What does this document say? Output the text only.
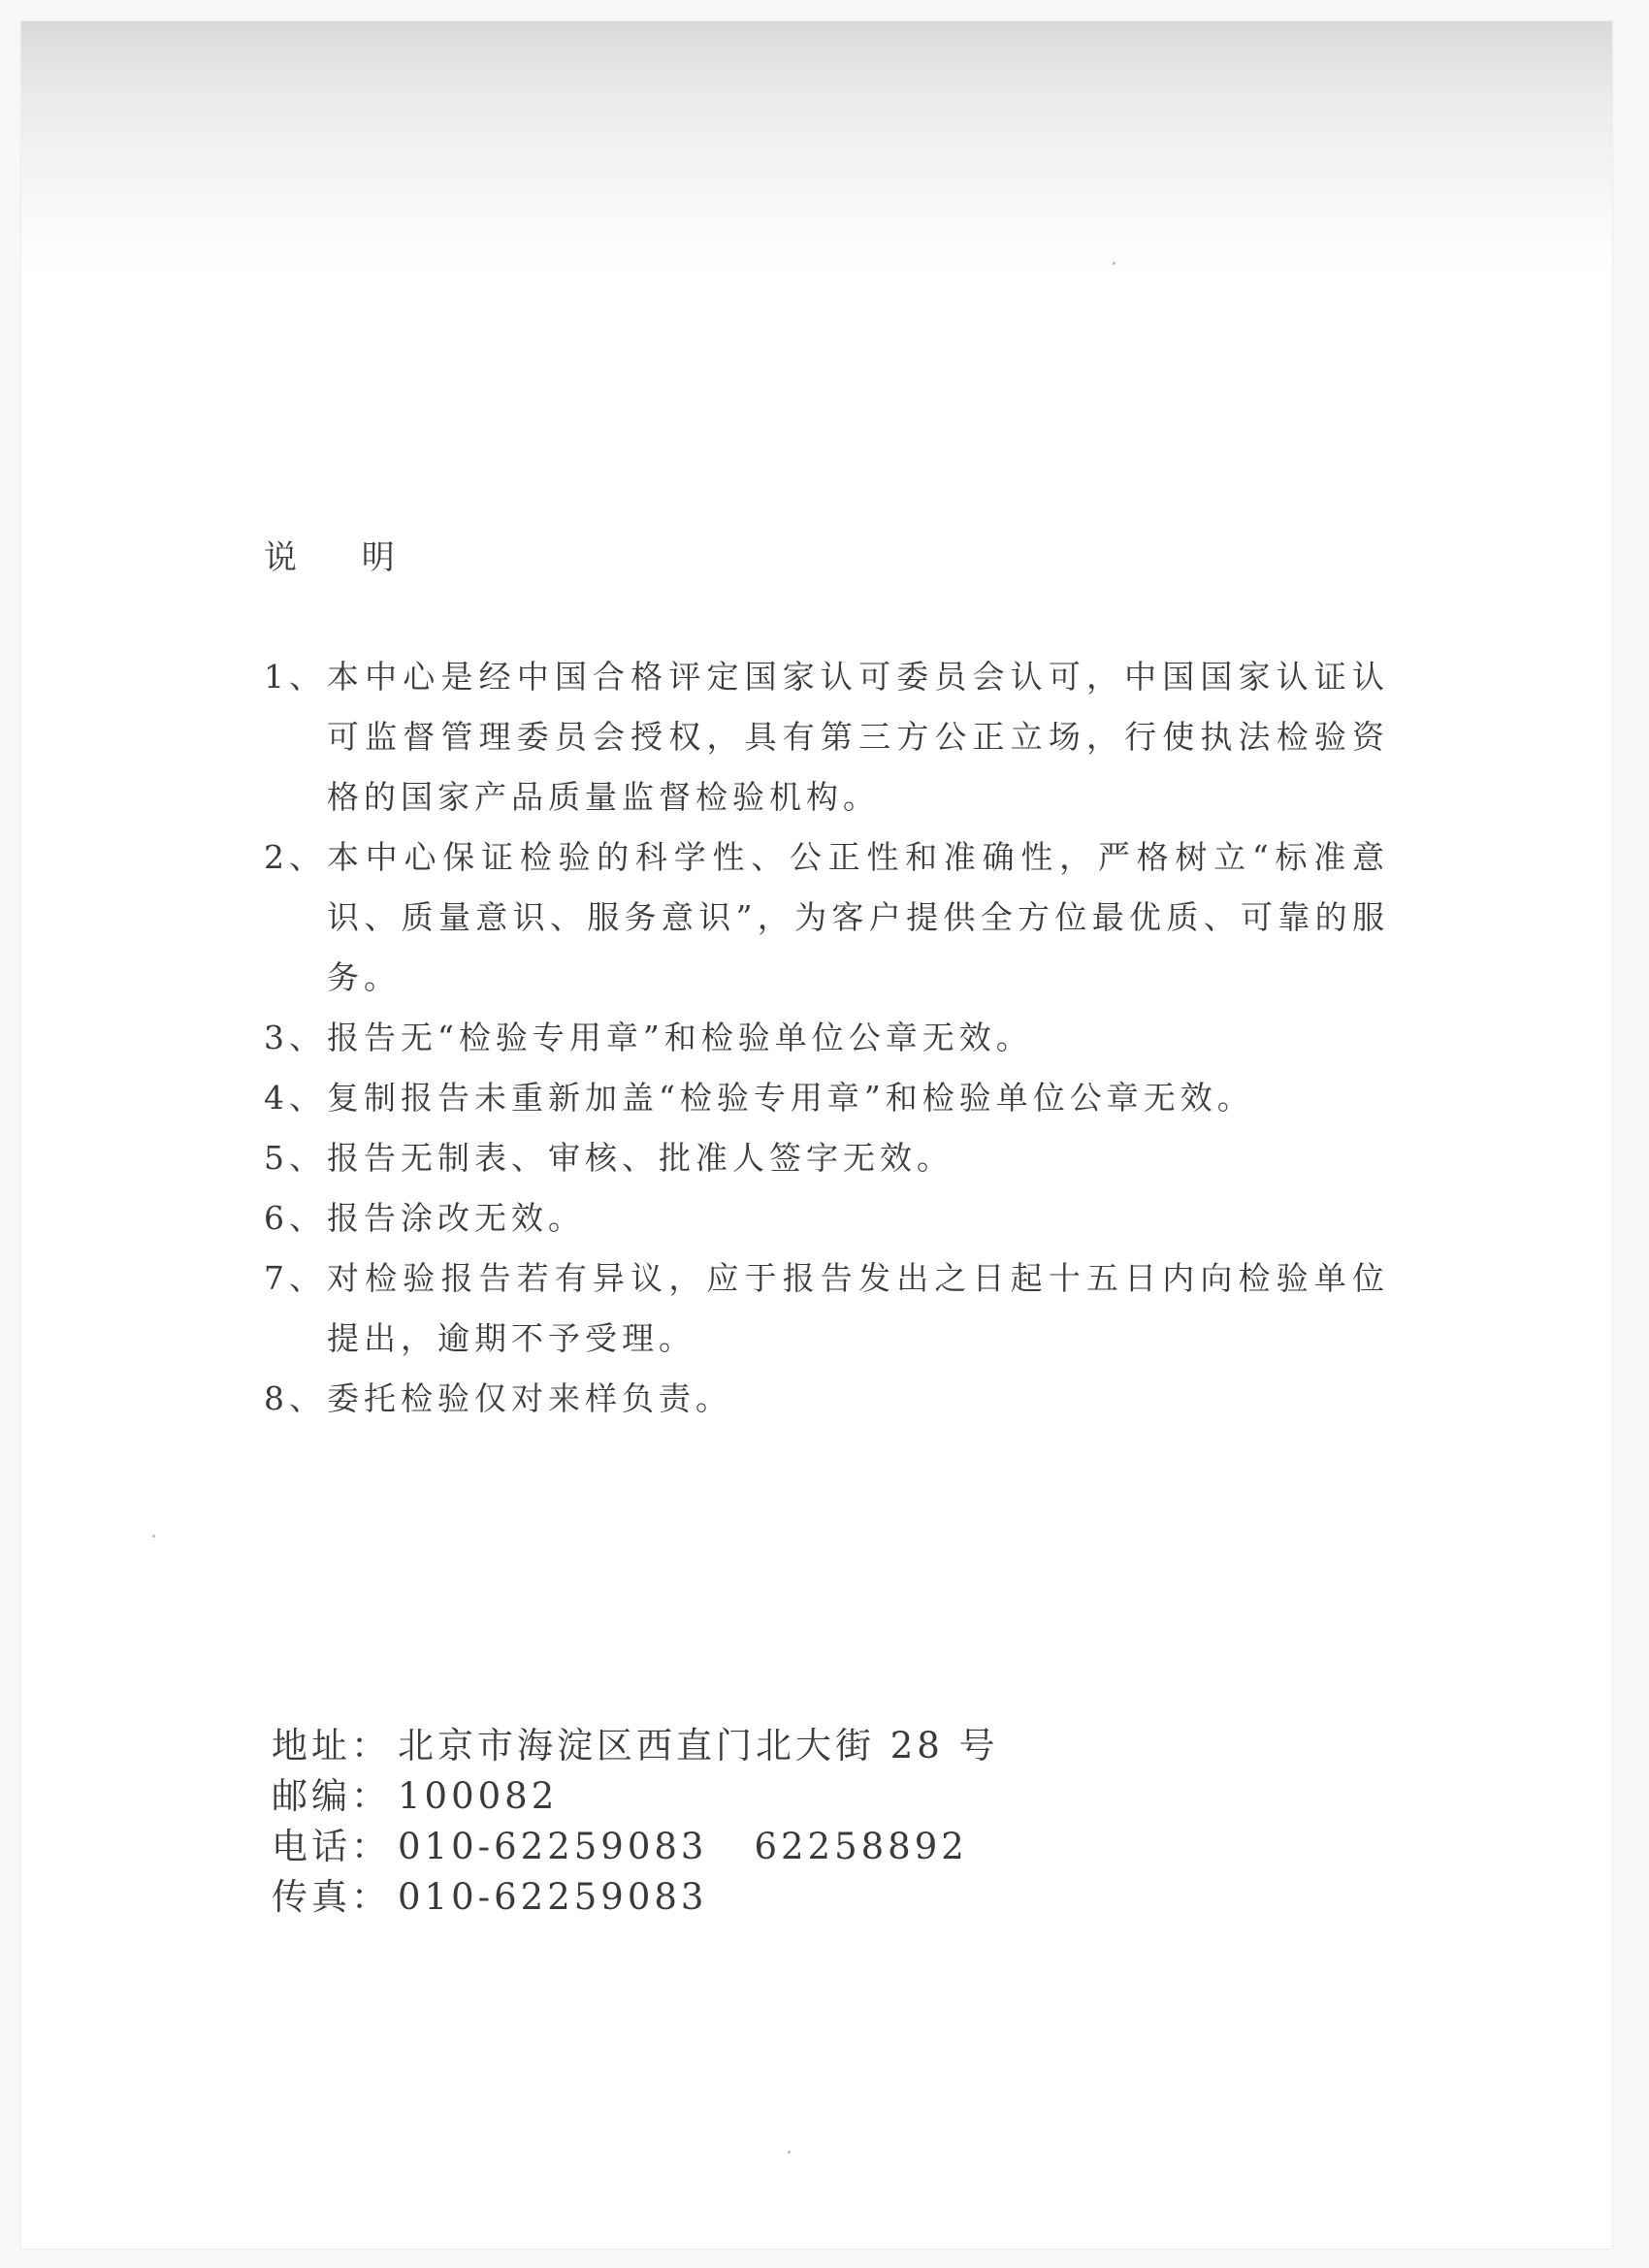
说 明
1、 本中心是经中国合格评定国家认可委员会认可，中国国家认证认可监督管理委员会授权，具有第三方公正立场，行使执法检验资格的国家产品质量监督检验机构。
2、 本中心保证检验的科学性、公正性和准确性，严格树立“标准意识、质量意识、服务意识”，为客户提供全方位最优质、可靠的服务。
3、 报告无“检验专用章”和检验单位公章无效。
4、 复制报告未重新加盖“检验专用章”和检验单位公章无效。
5、 报告无制表、审核、批准人签字无效。
6、 报告涂改无效。
7、 对检验报告若有异议，应于报告发出之日起十五日内向检验单位提出，逾期不予受理。
8、 委托检验仅对来样负责。
地址： 北京市海淀区西直门北大街 28 号
邮编： 100082
电话： 010-62259083 62258892
传真： 010-62259083
